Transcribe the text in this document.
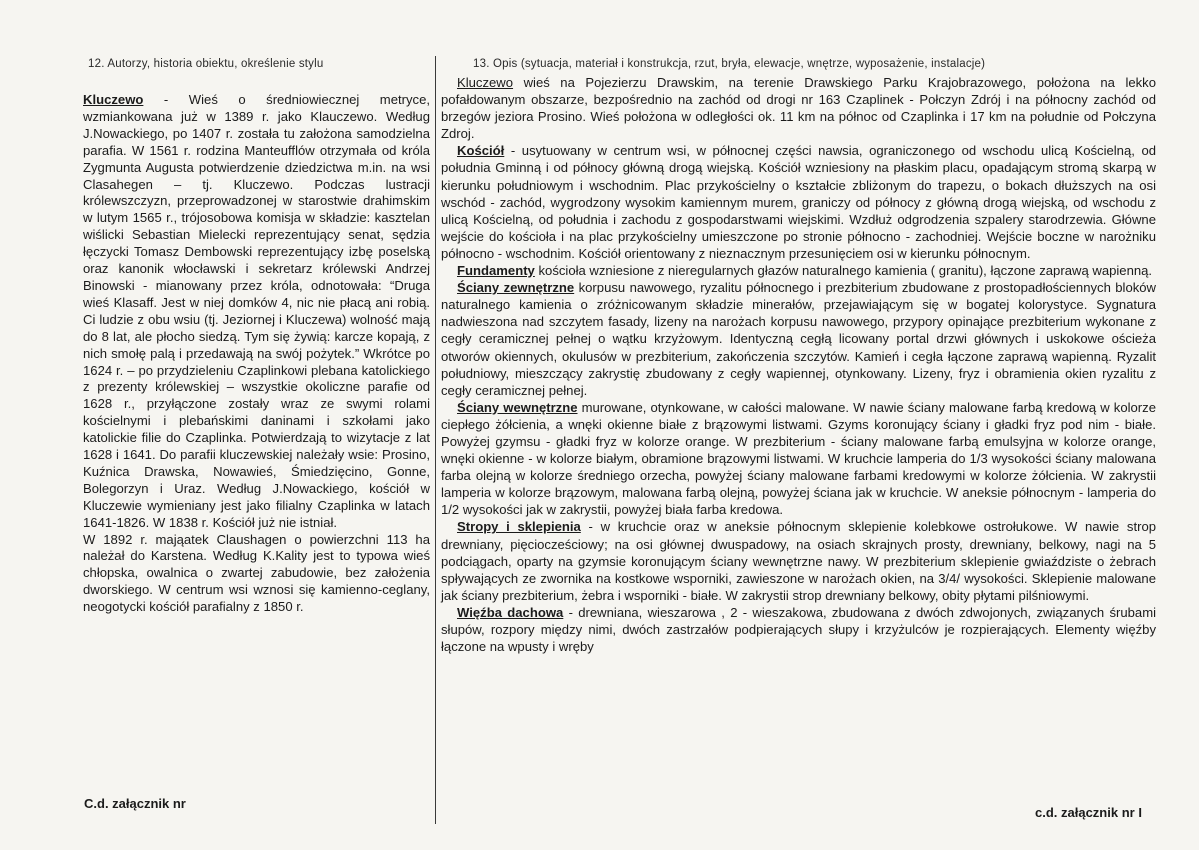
12. Autorzy, historia obiektu, określenie stylu	13. Opis (sytuacja, materiał i konstrukcja, rzut, bryła, elewacje, wnętrze, wyposażenie, instalacje)

Kluczewo - Wieś o średniowiecznej metryce, wzmiankowana już w 1389 r. jako Klauczewo. Według J.Nowackiego, po 1407 r. została tu założona samodzielna parafia. W 1561 r. rodzina Manteufflów otrzymała od króla Zygmunta Augusta potwierdzenie dziedzictwa m.in. na wsi Clasahegen – tj. Kluczewo. Podczas lustracji królewszczyzn, przeprowadzonej w starostwie drahimskim w lutym 1565 r., trójosobowa komisja w składzie: kasztelan wiślicki Sebastian Mielecki reprezentujący senat, sędzia łęczycki Tomasz Dembowski reprezentujący izbę poselską oraz kanonik włocławski i sekretarz królewski Andrzej Binowski - mianowany przez króla, odnotowała: “Druga wieś Klasaff. Jest w niej domków 4, nic nie płacą ani robią. Ci ludzie z obu wsiu (tj. Jeziornej i Kluczewa) wolność mają do 8 lat, ale płocho siedzą. Tym się żywią: karcze kopają, z nich smołę palą i przedawają na swój pożytek.” Wkrótce po 1624 r. – po przydzieleniu Czaplinkowi plebana katolickiego z prezenty królewskiej – wszystkie okoliczne parafie od 1628 r., przyłączone zostały wraz ze swymi rolami kościelnymi i plebańskimi daninami i szkołami jako katolickie filie do Czaplinka. Potwierdzają to wizytacje z lat 1628 i 1641. Do parafii kluczewskiej należały wsie: Prosino, Kuźnica Drawska, Nowawieś, Śmiedzięcino, Gonne, Bolegorzyn i Uraz. Według J.Nowackiego, kościół w Kluczewie wymieniany jest jako filialny Czaplinka w latach 1641-1826. W 1838 r. Kościół już nie istniał.

W 1892 r. mająatek Claushagen o powierzchni 113 ha należał do Karstena. Według K.Kality jest to typowa wieś chłopska, owalnica o zwartej zabudowie, bez założenia dworskiego. W centrum wsi wznosi się kamienno-ceglany, neogotycki kościół parafialny z 1850 r.

C.d. załącznik nr

Kluczewo wieś na Pojezierzu Drawskim, na terenie Drawskiego Parku Krajobrazowego, położona na lekko pofałdowanym obszarze, bezpośrednio na zachód od drogi nr 163 Czaplinek - Połczyn Zdrój i na północny zachód od brzegów jeziora Prosino. Wieś położona w odległości ok. 11 km na północ od Czaplinka i 17 km na południe od Połczyna Zdroj.

Kościół - usytuowany w centrum wsi, w północnej części nawsia, ograniczonego od wschodu ulicą Kościelną, od południa Gminną i od północy główną drogą wiejską. Kościół wzniesiony na płaskim placu, opadającym stromą skarpą w kierunku południowym i wschodnim. Plac przykościelny o kształcie zbliżonym do trapezu, o bokach dłuższych na osi wschód - zachód, wygrodzony wysokim kamiennym murem, graniczy od północy z główną drogą wiejską, od wschodu z ulicą Kościelną, od południa i zachodu z gospodarstwami wiejskimi. Wzdłuż odgrodzenia szpalery starodrzewia. Główne wejście do kościoła i na plac przykościelny umieszczone po stronie północno - zachodniej. Wejście boczne w narożniku północno - wschodnim. Kościół orientowany z nieznacznym przesunięciem osi w kierunku północnym.

Fundamenty kościoła wzniesione z nieregularnych głazów naturalnego kamienia ( granitu), łączone zaprawą wapienną.

Ściany zewnętrzne korpusu nawowego, ryzalitu północnego i prezbiterium zbudowane z prostopadłościennych bloków naturalnego kamienia o zróżnicowanym składzie minerałów, przejawiającym się w bogatej kolorystyce. Sygnatura nadwieszona nad szczytem fasady, lizeny na narożach korpusu nawowego, przypory opinające prezbiterium wykonane z cegły ceramicznej pełnej o wątku krzyżowym. Identyczną cegłą licowany portal drzwi głównych i uskokowe ościeża otworów okiennych, okulusów w prezbiterium, zakończenia szczytów. Kamień i cegła łączone zaprawą wapienną. Ryzalit południowy, mieszczący zakrystię zbudowany z cegły wapiennej, otynkowany. Lizeny, fryz i obramienia okien ryzalitu z cegły ceramicznej pełnej.

Ściany wewnętrzne murowane, otynkowane, w całości malowane. W nawie ściany malowane farbą kredową w kolorze ciepłego żółcienia, a wnęki okienne białe z brązowymi listwami. Gzyms koronujący ściany i gładki fryz pod nim - białe. Powyżej gzymsu - gładki fryz w kolorze orange. W prezbiterium - ściany malowane farbą emulsyjna w kolorze orange, wnęki okienne - w kolorze białym, obramione brązowymi listwami. W kruchcie lamperia do 1/3 wysokości ściany malowana farba olejną w kolorze średniego orzecha, powyżej ściany malowane farbami kredowymi w kolorze żółcienia. W zakrystii lamperia w kolorze brązowym, malowana farbą olejną, powyżej ściana jak w kruchcie. W aneksie północnym - lamperia do 1/2 wysokości jak w zakrystii, powyżej biała farba kredowa.

Stropy i sklepienia - w kruchcie oraz w aneksie północnym sklepienie kolebkowe ostrołukowe. W nawie strop drewniany, pięciocześciowy; na osi głównej dwuspadowy, na osiach skrajnych prosty, drewniany, belkowy, nagi na 5 podciągach, oparty na gzymsie koronującym ściany wewnętrzne nawy. W prezbiterium sklepienie gwiaździste o żebrach spływających ze zwornika na kostkowe wsporniki, zawieszone w narożach okien, na 3/4/ wysokości. Sklepienie malowane jak ściany prezbiterium, żebra i wsporniki - białe. W zakrystii strop drewniany belkowy, obity płytami pilśniowymi.

Więźba dachowa - drewniana, wieszarowa , 2 - wieszakowa, zbudowana z dwóch zdwojonych, związanych śrubami słupów, rozpory między nimi, dwóch zastrzałów podpierających słupy i krzyżulców je rozpierających. Elementy więźby łączone na wpusty i wręby

c.d. załącznik nr I
